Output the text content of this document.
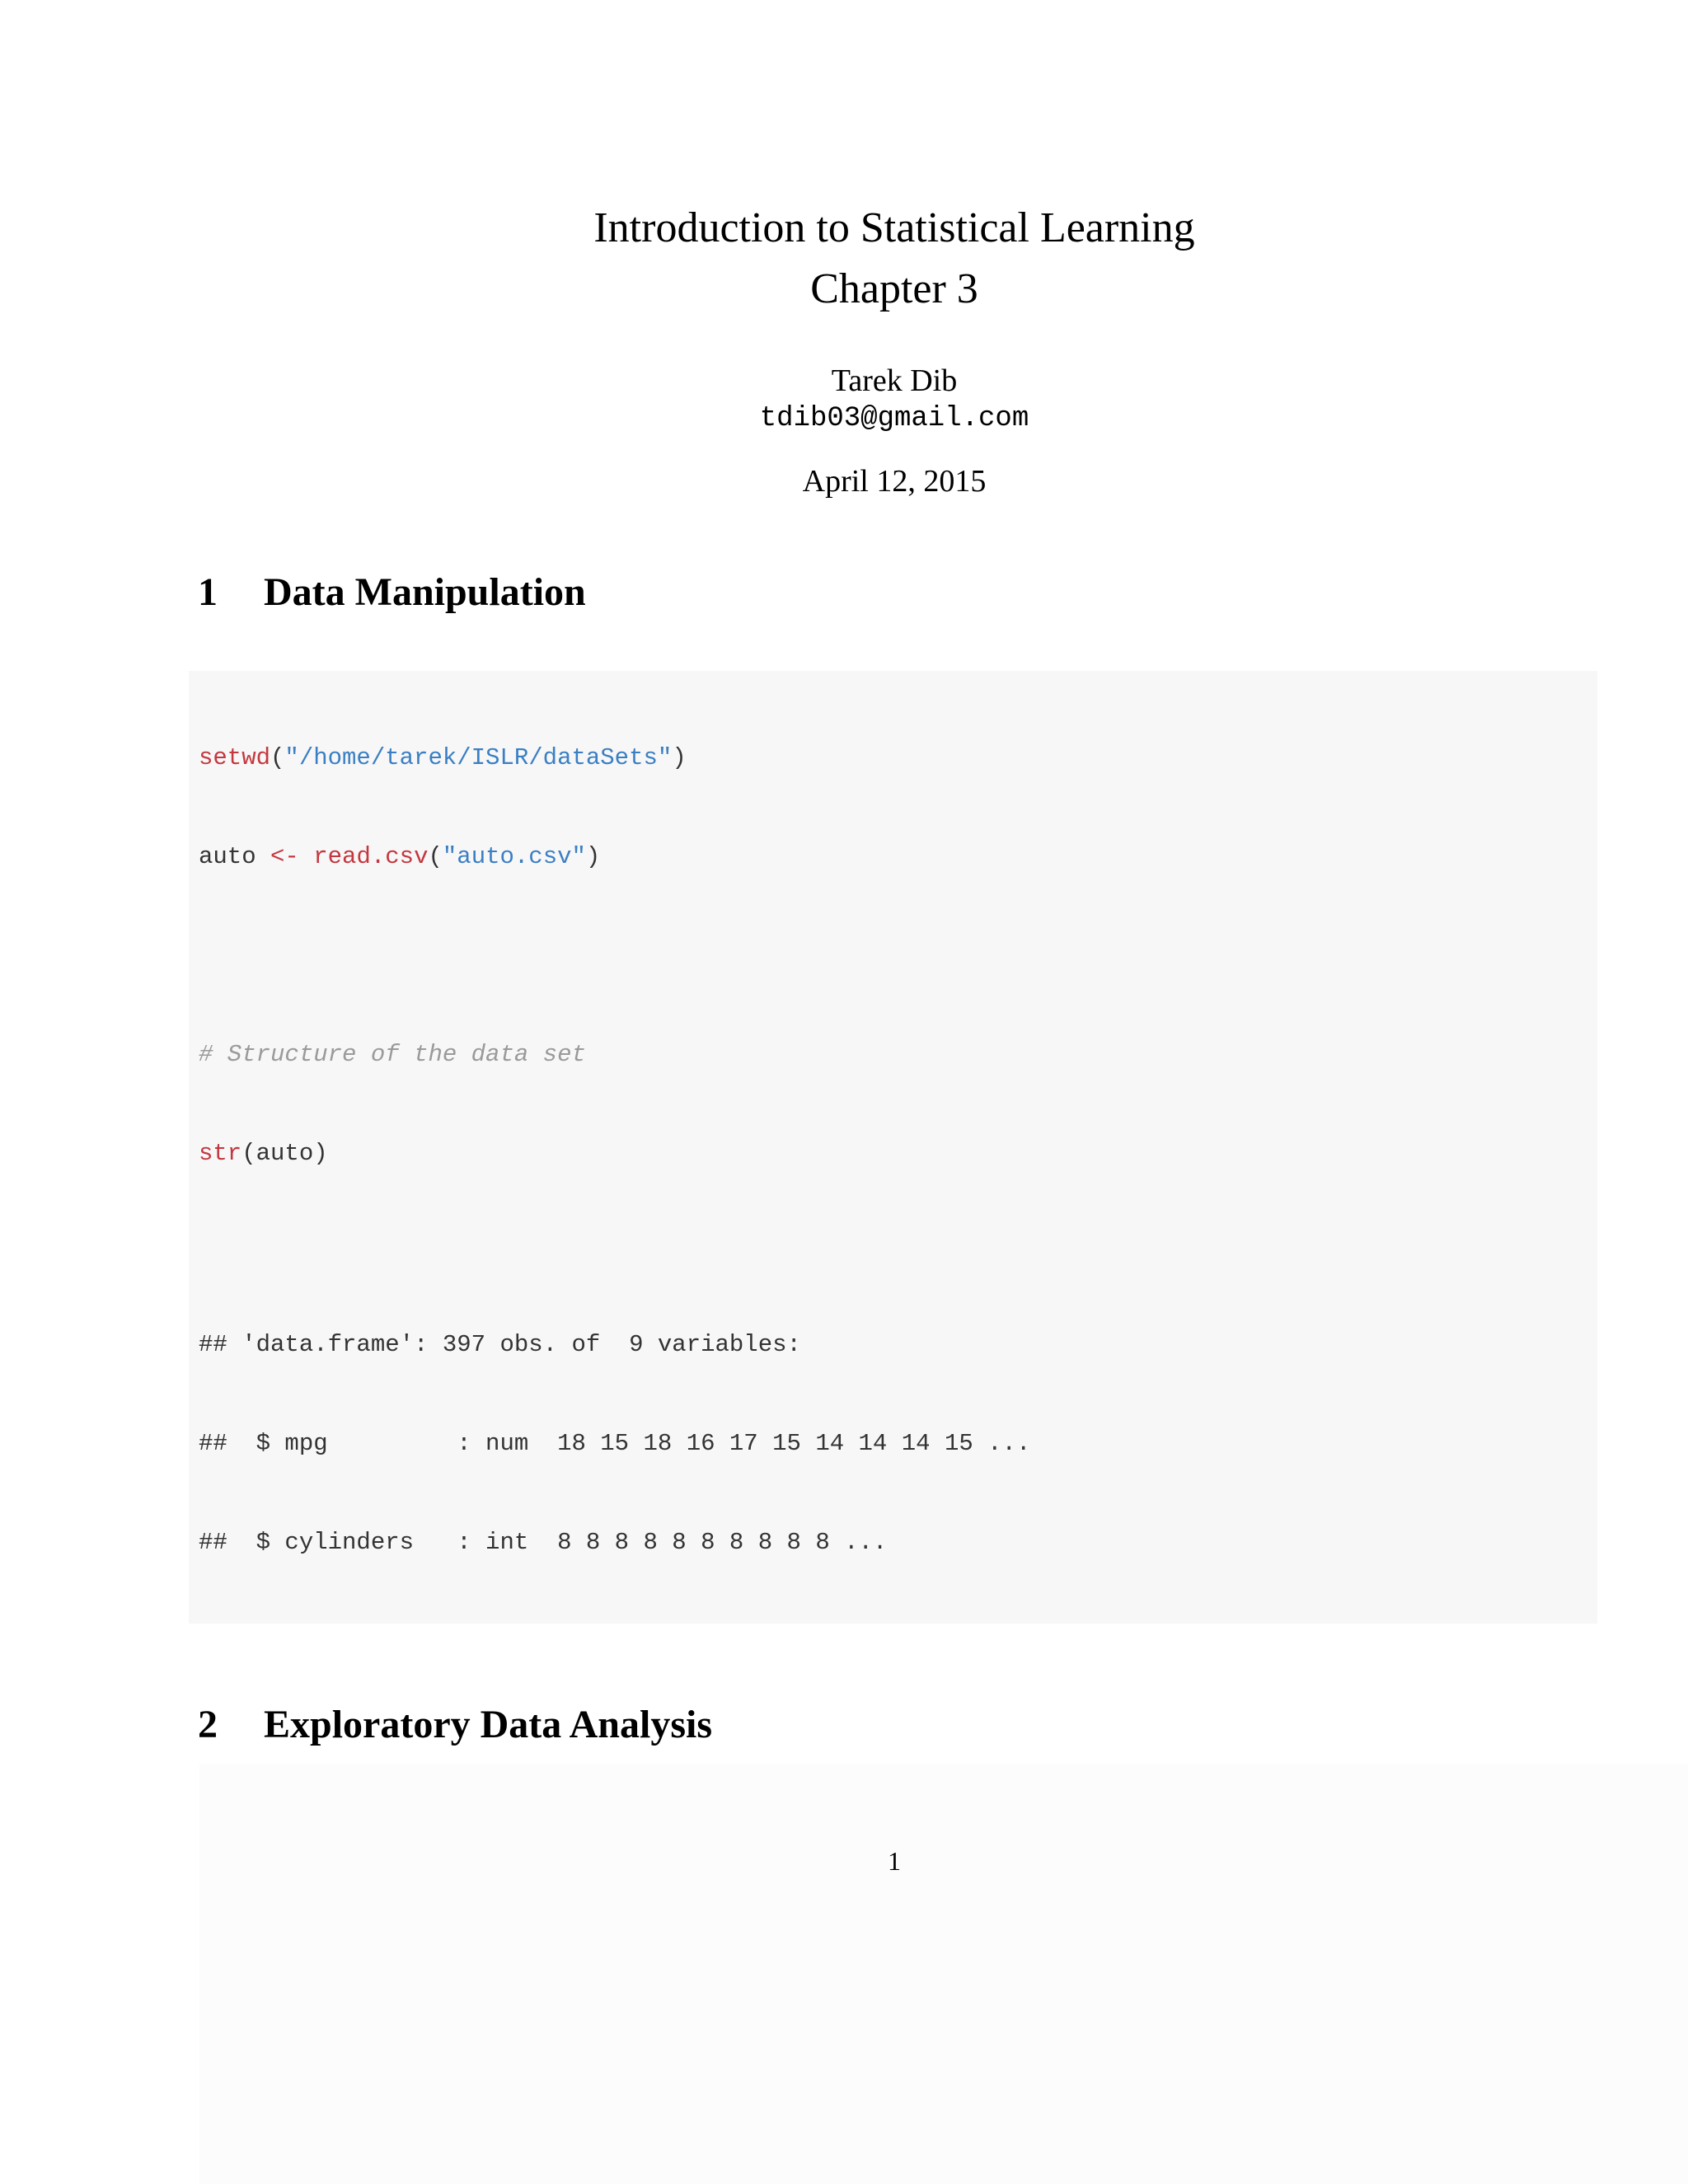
Introduction to Statistical Learning
Chapter 3
Tarek Dib
tdib03@gmail.com
April 12, 2015
1 Data Manipulation

setwd("/home/tarek/ISLR/dataSets")

auto <- read.csv("auto.csv")

# Structure of the data set

str(auto)

## 'data.frame': 397 obs. of  9 variables:

##  $ mpg         : num  18 15 18 16 17 15 14 14 14 15 ...

##  $ cylinders   : int  8 8 8 8 8 8 8 8 8 8 ...

2 Exploratory Data Analysis
1
